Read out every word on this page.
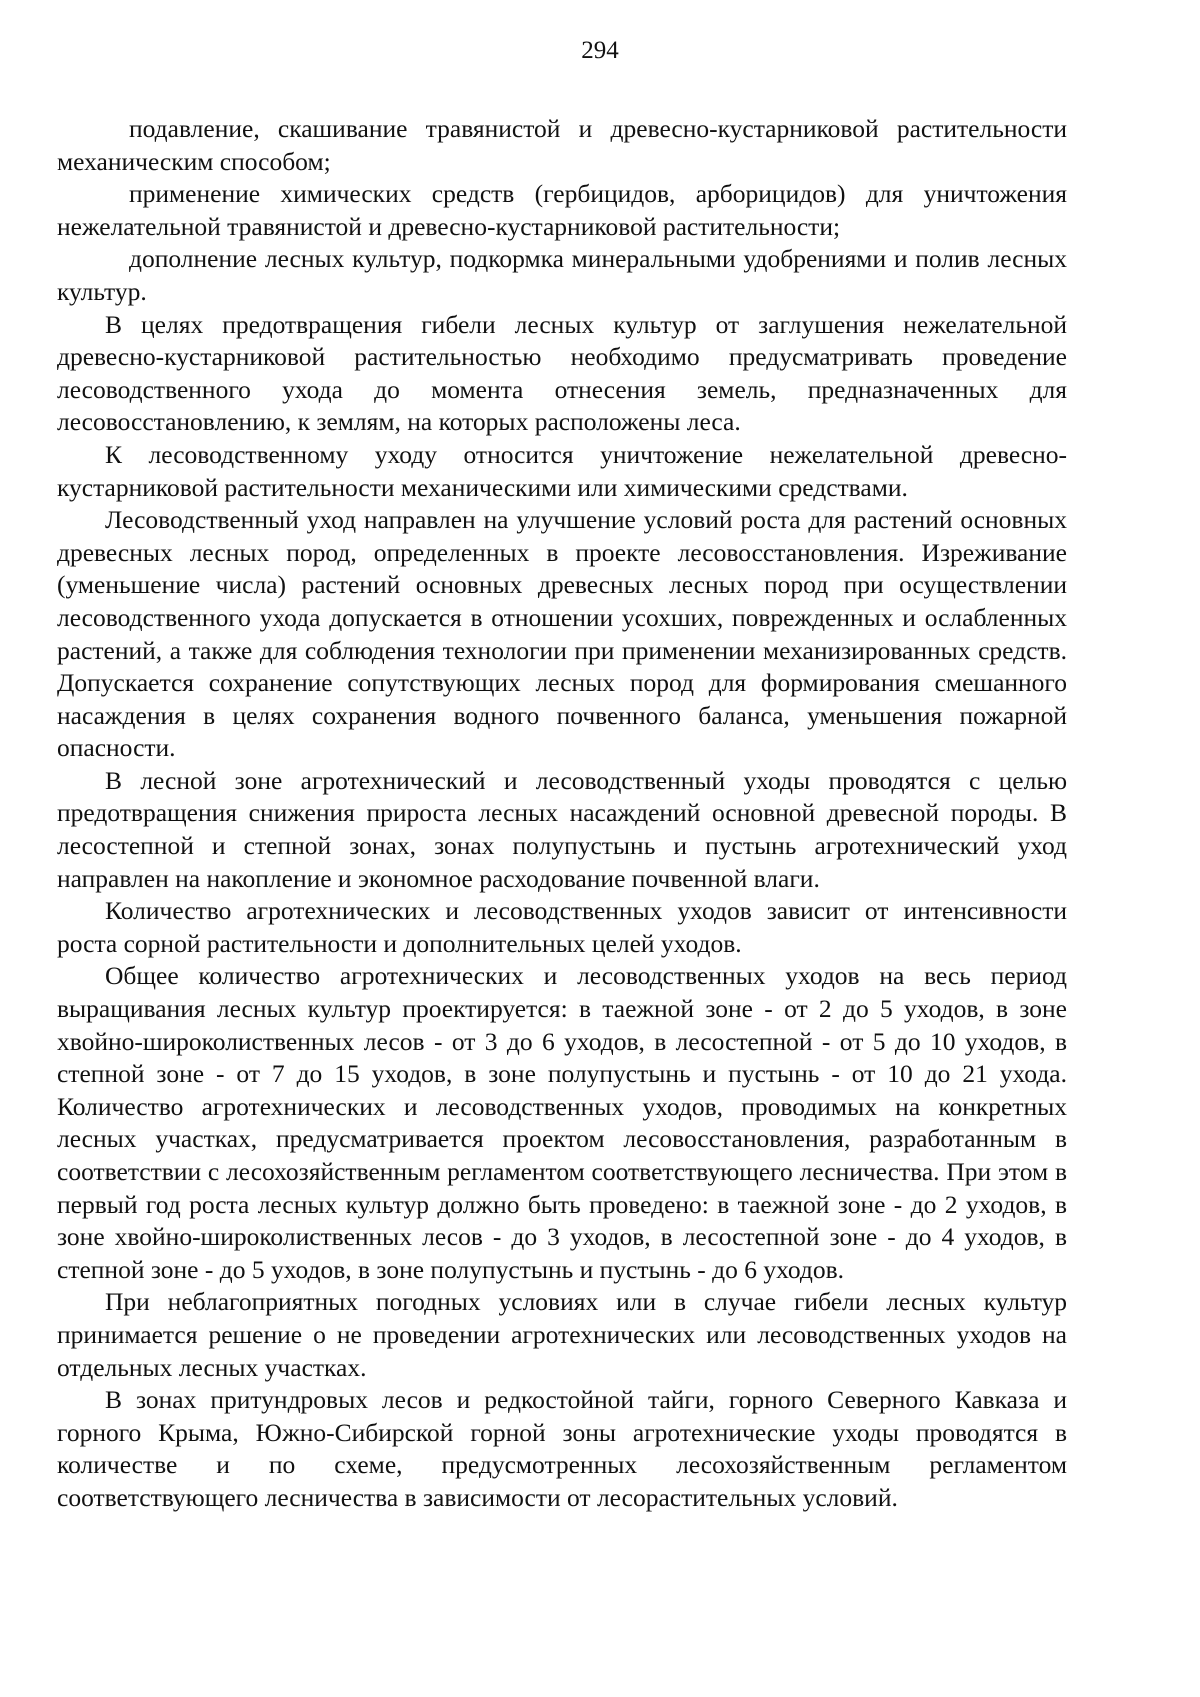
294

подавление, скашивание травянистой и древесно-кустарниковой растительности механическим способом;

применение химических средств (гербицидов, арборицидов) для уничтожения нежелательной травянистой и древесно-кустарниковой растительности;

дополнение лесных культур, подкормка минеральными удобрениями и полив лесных культур.

В целях предотвращения гибели лесных культур от заглушения нежелательной древесно-кустарниковой растительностью необходимо предусматривать проведение лесоводственного ухода до момента отнесения земель, предназначенных для лесовосстановлению, к землям, на которых расположены леса.

К лесоводственному уходу относится уничтожение нежелательной древесно-кустарниковой растительности механическими или химическими средствами.

Лесоводственный уход направлен на улучшение условий роста для растений основных древесных лесных пород, определенных в проекте лесовосстановления. Изреживание (уменьшение числа) растений основных древесных лесных пород при осуществлении лесоводственного ухода допускается в отношении усохших, поврежденных и ослабленных растений, а также для соблюдения технологии при применении механизированных средств. Допускается сохранение сопутствующих лесных пород для формирования смешанного насаждения в целях сохранения водного почвенного баланса, уменьшения пожарной опасности.

В лесной зоне агротехнический и лесоводственный уходы проводятся с целью предотвращения снижения прироста лесных насаждений основной древесной породы. В лесостепной и степной зонах, зонах полупустынь и пустынь агротехнический уход направлен на накопление и экономное расходование почвенной влаги.

Количество агротехнических и лесоводственных уходов зависит от интенсивности роста сорной растительности и дополнительных целей уходов.

Общее количество агротехнических и лесоводственных уходов на весь период выращивания лесных культур проектируется: в таежной зоне - от 2 до 5 уходов, в зоне хвойно-широколиственных лесов - от 3 до 6 уходов, в лесостепной - от 5 до 10 уходов, в степной зоне - от 7 до 15 уходов, в зоне полупустынь и пустынь - от 10 до 21 ухода. Количество агротехнических и лесоводственных уходов, проводимых на конкретных лесных участках, предусматривается проектом лесовосстановления, разработанным в соответствии с лесохозяйственным регламентом соответствующего лесничества. При этом в первый год роста лесных культур должно быть проведено: в таежной зоне - до 2 уходов, в зоне хвойно-широколиственных лесов - до 3 уходов, в лесостепной зоне - до 4 уходов, в степной зоне - до 5 уходов, в зоне полупустынь и пустынь - до 6 уходов.

При неблагоприятных погодных условиях или в случае гибели лесных культур принимается решение о не проведении агротехнических или лесоводственных уходов на отдельных лесных участках.

В зонах притундровых лесов и редкостойной тайги, горного Северного Кавказа и горного Крыма, Южно-Сибирской горной зоны агротехнические уходы проводятся в количестве и по схеме, предусмотренных лесохозяйственным регламентом соответствующего лесничества в зависимости от лесорастительных условий.
